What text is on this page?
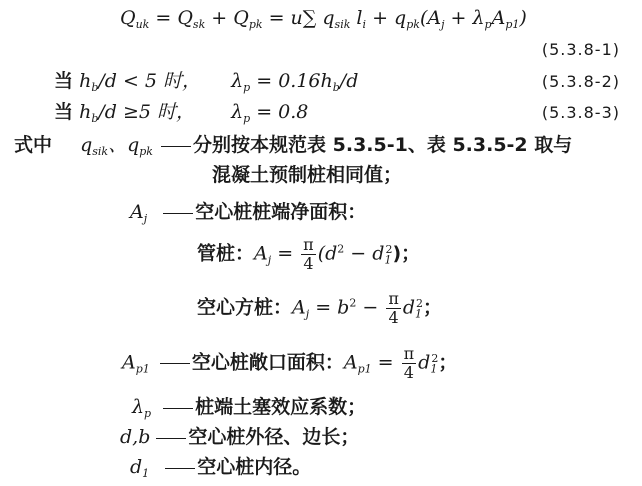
$Q_{uk} = Q_{sk} + Q_{pk} = u\sum$ $q_{sik}$ $l_i + q_{pk}(A_j + \lambda_pA_{p1})$
(5.3.8-1)
当 $h_b/d < 5$ 时， $\lambda_p = 0.16h_b/d$	(5.3.8-2)
当 $h_b/d \ge 5$ 时， $\lambda_p = 0.8$	(5.3.8-3)
式中 $q_{sik}$、$q_{pk}$ 分别按本规范表 5.3.5-1、表 5.3.5-2 取与
混凝土预制桩相同值；
$A_j$	空心桩桩端净面积：
管桩：$A_j = \frac{\pi}{4} (d^2 - d_1^2)$；
空心方桩：$A_j = b^2 - \frac{\pi}{4} d_1^2$；
$A_{p1}$ 空心桩敞口面积：$A_{p1} = \frac{\pi}{4} d_1^2$；
$\lambda_p$ 桩端土塞效应系数；
d,b 空心桩外径、边长；
$d_1$	空心桩内径。
